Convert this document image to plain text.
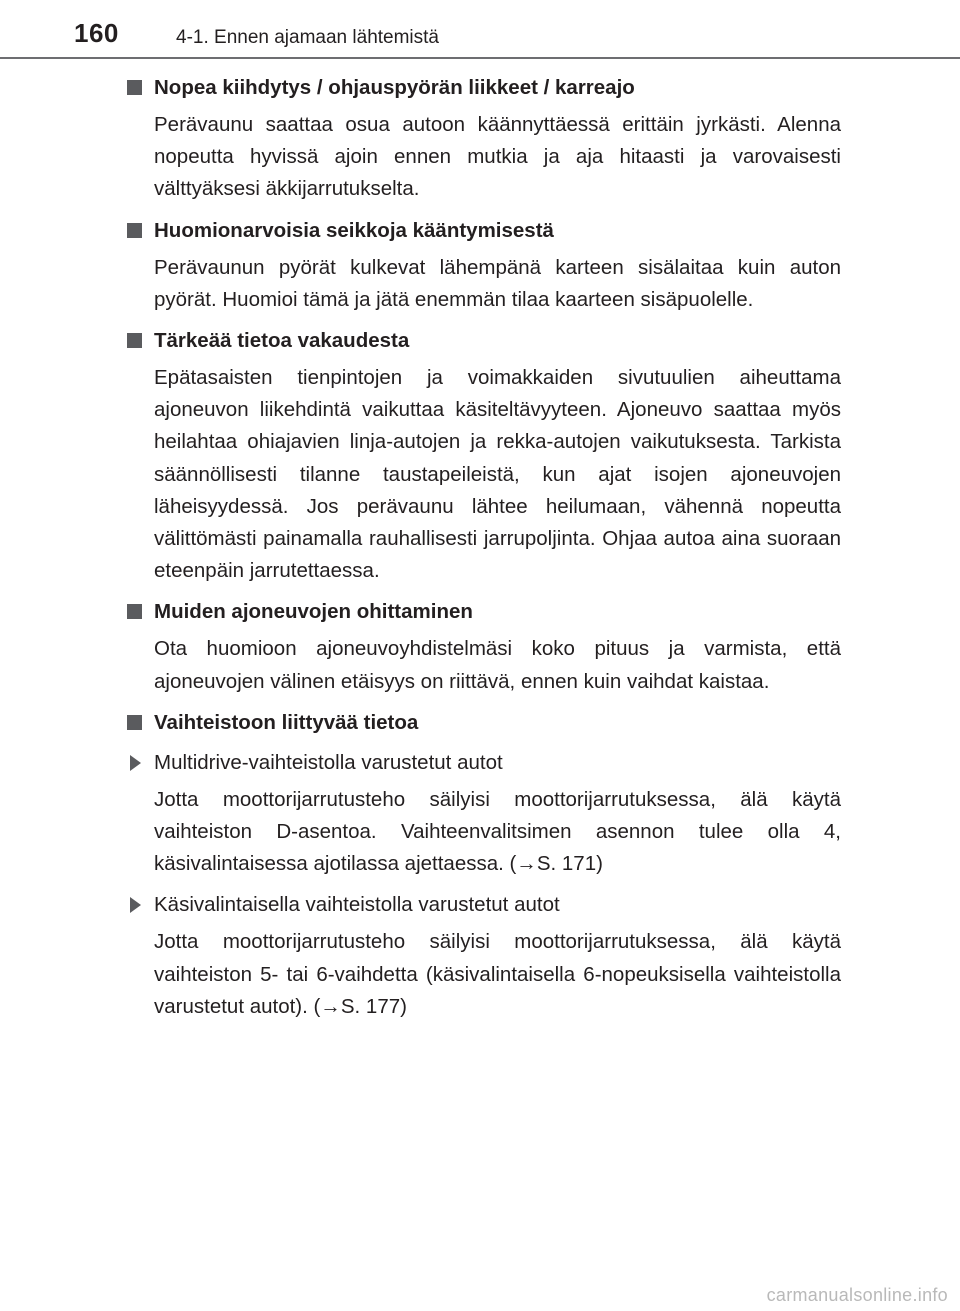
160	4-1. Ennen ajamaan lähtemistä
Nopea kiihdytys / ohjauspyörän liikkeet / karreajo

Perävaunu saattaa osua autoon käännyttäessä erittäin jyrkästi. Alenna nopeutta hyvissä ajoin ennen mutkia ja aja hitaasti ja varovaisesti välttyäksesi äkkijarrutukselta.

Huomionarvoisia seikkoja kääntymisestä

Perävaunun pyörät kulkevat lähempänä karteen sisälaitaa kuin auton pyörät. Huomioi tämä ja jätä enemmän tilaa kaarteen sisäpuolelle.

Tärkeää tietoa vakaudesta

Epätasaisten tienpintojen ja voimakkaiden sivutuulien aiheuttama ajoneuvon liikehdintä vaikuttaa käsiteltävyyteen. Ajoneuvo saattaa myös heilahtaa ohiajavien linja-autojen ja rekka-autojen vaikutuksesta. Tarkista säännöllisesti tilanne taustapeileistä, kun ajat isojen ajoneuvojen läheisyydessä. Jos perävaunu lähtee heilumaan, vähennä nopeutta välittömästi painamalla rauhallisesti jarrupoljinta. Ohjaa autoa aina suoraan eteenpäin jarrutettaessa.

Muiden ajoneuvojen ohittaminen

Ota huomioon ajoneuvoyhdistelmäsi koko pituus ja varmista, että ajoneuvojen välinen etäisyys on riittävä, ennen kuin vaihdat kaistaa.

Vaihteistoon liittyvää tietoa
Multidrive-vaihteistolla varustetut autot

Jotta moottorijarrutusteho säilyisi moottorijarrutuksessa, älä käytä vaihteiston D-asentoa. Vaihteenvalitsimen asennon tulee olla 4, käsivalintaisessa ajotilassa ajettaessa. (→S. 171)

Käsivalintaisella vaihteistolla varustetut autot

Jotta moottorijarrutusteho säilyisi moottorijarrutuksessa, älä käytä vaihteiston 5- tai 6-vaihdetta (käsivalintaisella 6-nopeuksisella vaihteistolla varustetut autot). (→S. 177)

carmanualsonline.info
